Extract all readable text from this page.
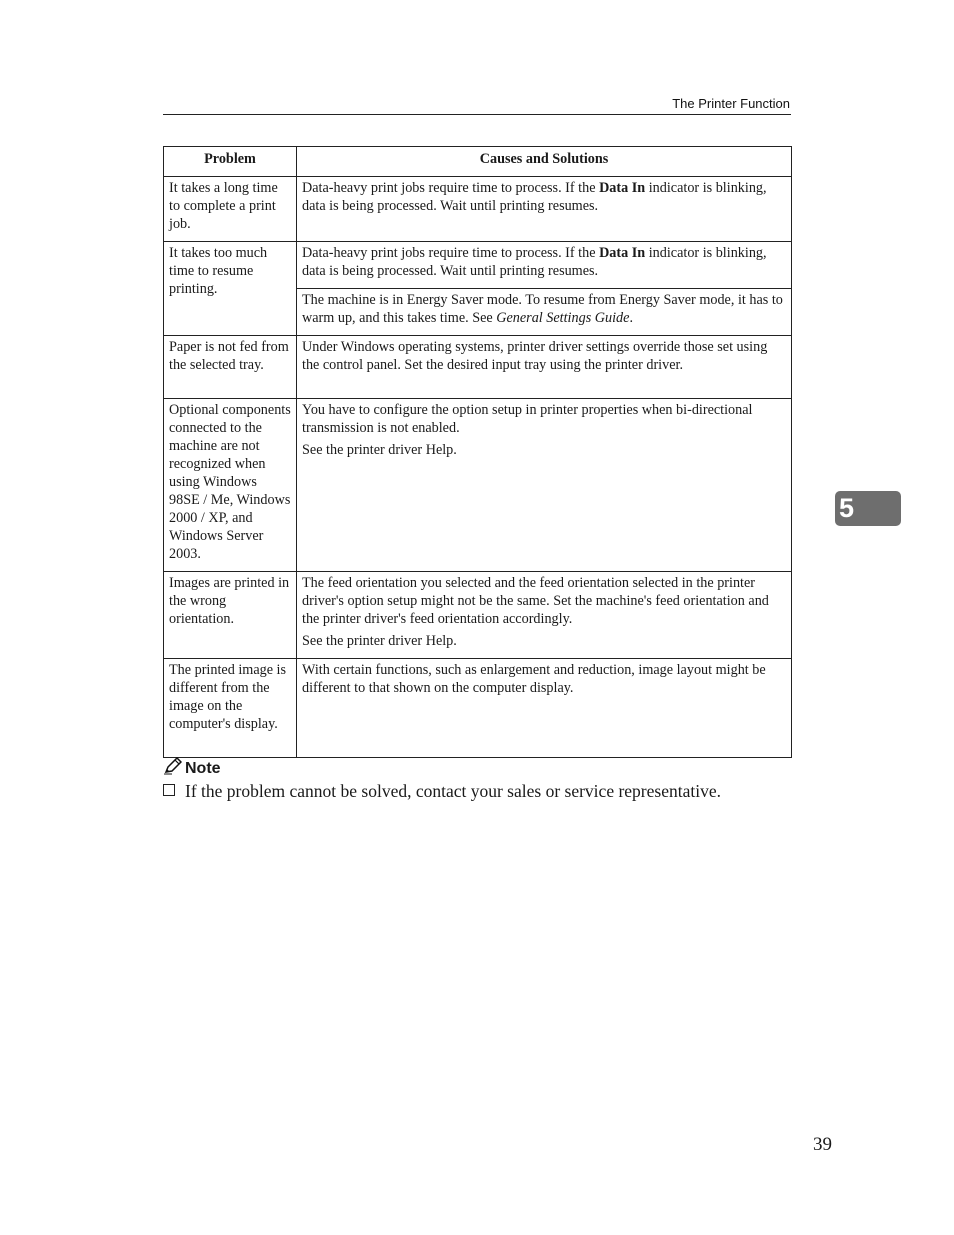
The Printer Function
Problem	Causes and Solutions
It takes a long time to complete a print job.	Data-heavy print jobs require time to process. If the Data In indicator is blinking, data is being processed. Wait until printing resumes.

It takes too much time to resume printing.	Data-heavy print jobs require time to process. If the Data In indicator is blinking, data is being processed. Wait until printing resumes.

	The machine is in Energy Saver mode. To resume from Energy Saver mode, it has to warm up, and this takes time. See General Settings Guide.

Paper is not fed from the selected tray.	Under Windows operating systems, printer driver settings override those set using the control panel. Set the desired input tray using the printer driver.

Optional components connected to the machine are not recognized when using Windows 98SE / Me, Windows 2000 / XP, and Windows Server 2003.	You have to configure the option setup in printer properties when bi-directional transmission is not enabled.

See the printer driver Help.

Images are printed in the wrong orientation.	The feed orientation you selected and the feed orientation selected in the printer driver's option setup might not be the same. Set the machine's feed orientation and the printer driver's feed orientation accordingly.

See the printer driver Help.

The printed image is different from the image on the computer's display.	With certain functions, such as enlargement and reduction, image layout might be different to that shown on the computer display.

Note
If the problem cannot be solved, contact your sales or service representative.
5
39
